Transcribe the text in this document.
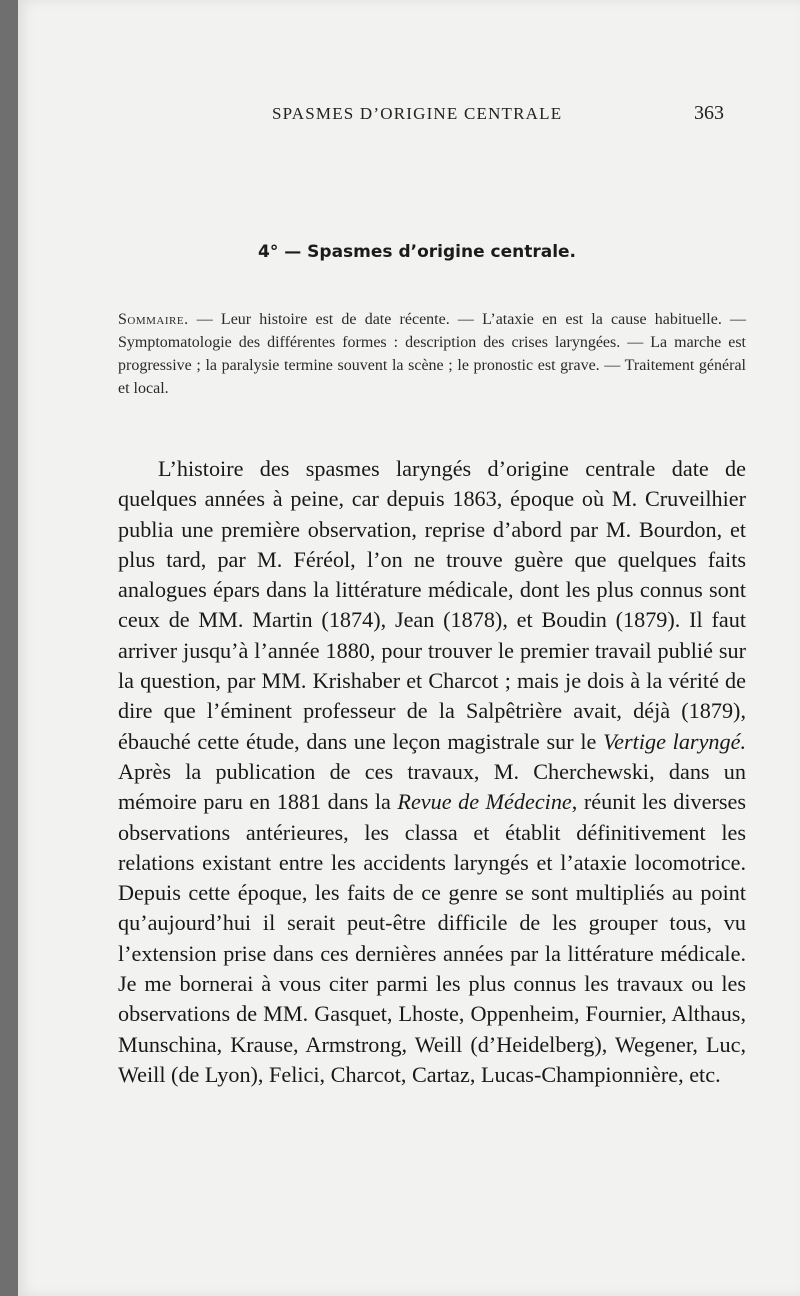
SPASMES D’ORIGINE CENTRALE	363
4° — Spasmes d’origine centrale.
Sommaire. — Leur histoire est de date récente. — L’ataxie en est la cause habituelle. — Symptomatologie des différentes formes : description des crises laryngées. — La marche est progressive ; la paralysie termine souvent la scène ; le pronostic est grave. — Traitement général et local.

L’histoire des spasmes laryngés d’origine centrale date de quelques années à peine, car depuis 1863, époque où M. Cruveilhier publia une première observation, reprise d’abord par M. Bourdon, et plus tard, par M. Féréol, l’on ne trouve guère que quelques faits analogues épars dans la littérature médicale, dont les plus connus sont ceux de MM. Martin (1874), Jean (1878), et Boudin (1879). Il faut arriver jusqu’à l’année 1880, pour trouver le premier travail publié sur la question, par MM. Krishaber et Charcot ; mais je dois à la vérité de dire que l’éminent professeur de la Salpêtrière avait, déjà (1879), ébauché cette étude, dans une leçon magistrale sur le Vertige laryngé. Après la publication de ces travaux, M. Cherchewski, dans un mémoire paru en 1881 dans la Revue de Médecine, réunit les diverses observations antérieures, les classa et établit définitivement les relations existant entre les accidents laryngés et l’ataxie locomotrice. Depuis cette époque, les faits de ce genre se sont multipliés au point qu’aujourd’hui il serait peut-être difficile de les grouper tous, vu l’extension prise dans ces dernières années par la littérature médicale. Je me bornerai à vous citer parmi les plus connus les travaux ou les observations de MM. Gasquet, Lhoste, Oppenheim, Fournier, Althaus, Munschina, Krause, Armstrong, Weill (d’Heidelberg), Wegener, Luc, Weill (de Lyon), Felici, Charcot, Cartaz, Lucas-Championnière, etc.
